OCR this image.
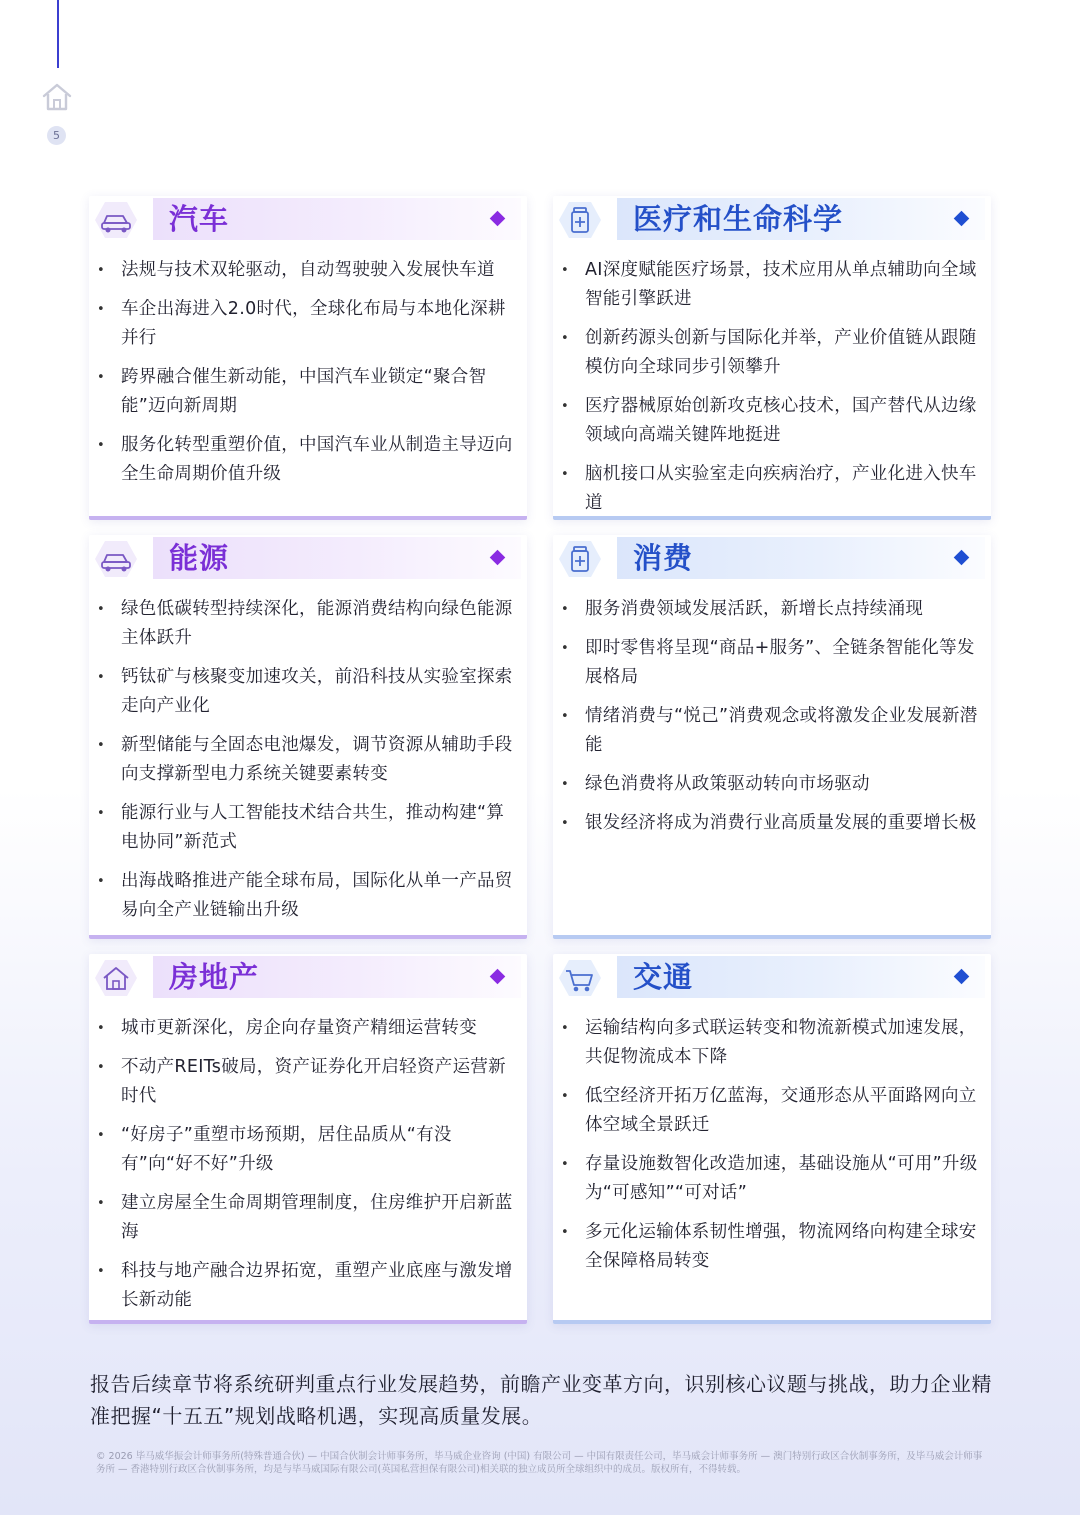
5
汽车
• 法规与技术双轮驱动，自动驾驶驶入发展快车道
• 车企出海进入2.0时代，全球化布局与本地化深耕并行
• 跨界融合催生新动能，中国汽车业锁定“聚合智能”迈向新周期
• 服务化转型重塑价值，中国汽车业从制造主导迈向全生命周期价值升级
医疗和生命科学
• AI深度赋能医疗场景，技术应用从单点辅助向全域智能引擎跃进
• 创新药源头创新与国际化并举，产业价值链从跟随模仿向全球同步引领攀升
• 医疗器械原始创新攻克核心技术，国产替代从边缘领域向高端关键阵地挺进
• 脑机接口从实验室走向疾病治疗，产业化进入快车道
能源
• 绿色低碳转型持续深化，能源消费结构向绿色能源主体跃升
• 钙钛矿与核聚变加速攻关，前沿科技从实验室探索走向产业化
• 新型储能与全固态电池爆发，调节资源从辅助手段向支撑新型电力系统关键要素转变
• 能源行业与人工智能技术结合共生，推动构建“算电协同”新范式
• 出海战略推进产能全球布局，国际化从单一产品贸易向全产业链输出升级
消费
• 服务消费领域发展活跃，新增长点持续涌现
• 即时零售将呈现“商品+服务”、全链条智能化等发展格局
• 情绪消费与“悦己”消费观念或将激发企业发展新潜能
• 绿色消费将从政策驱动转向市场驱动
• 银发经济将成为消费行业高质量发展的重要增长极
房地产
• 城市更新深化，房企向存量资产精细运营转变
• 不动产REITs破局，资产证券化开启轻资产运营新时代
• “好房子”重塑市场预期，居住品质从“有没有”向“好不好”升级
• 建立房屋全生命周期管理制度，住房维护开启新蓝海
• 科技与地产融合边界拓宽，重塑产业底座与激发增长新动能
交通
• 运输结构向多式联运转变和物流新模式加速发展，共促物流成本下降
• 低空经济开拓万亿蓝海，交通形态从平面路网向立体空域全景跃迁
• 存量设施数智化改造加速，基础设施从“可用”升级为“可感知”“可对话”
• 多元化运输体系韧性增强，物流网络向构建全球安全保障格局转变

报告后续章节将系统研判重点行业发展趋势，前瞻产业变革方向，识别核心议题与挑战，助力企业精准把握“十五五”规划战略机遇，实现高质量发展。

© 2026 毕马威华振会计师事务所(特殊普通合伙) — 中国合伙制会计师事务所，毕马威企业咨询 (中国) 有限公司 — 中国有限责任公司，毕马威会计师事务所 — 澳门特别行政区合伙制事务所，及毕马威会计师事务所 — 香港特别行政区合伙制事务所，均是与毕马威国际有限公司(英国私营担保有限公司)相关联的独立成员所全球组织中的成员。版权所有，不得转载。
